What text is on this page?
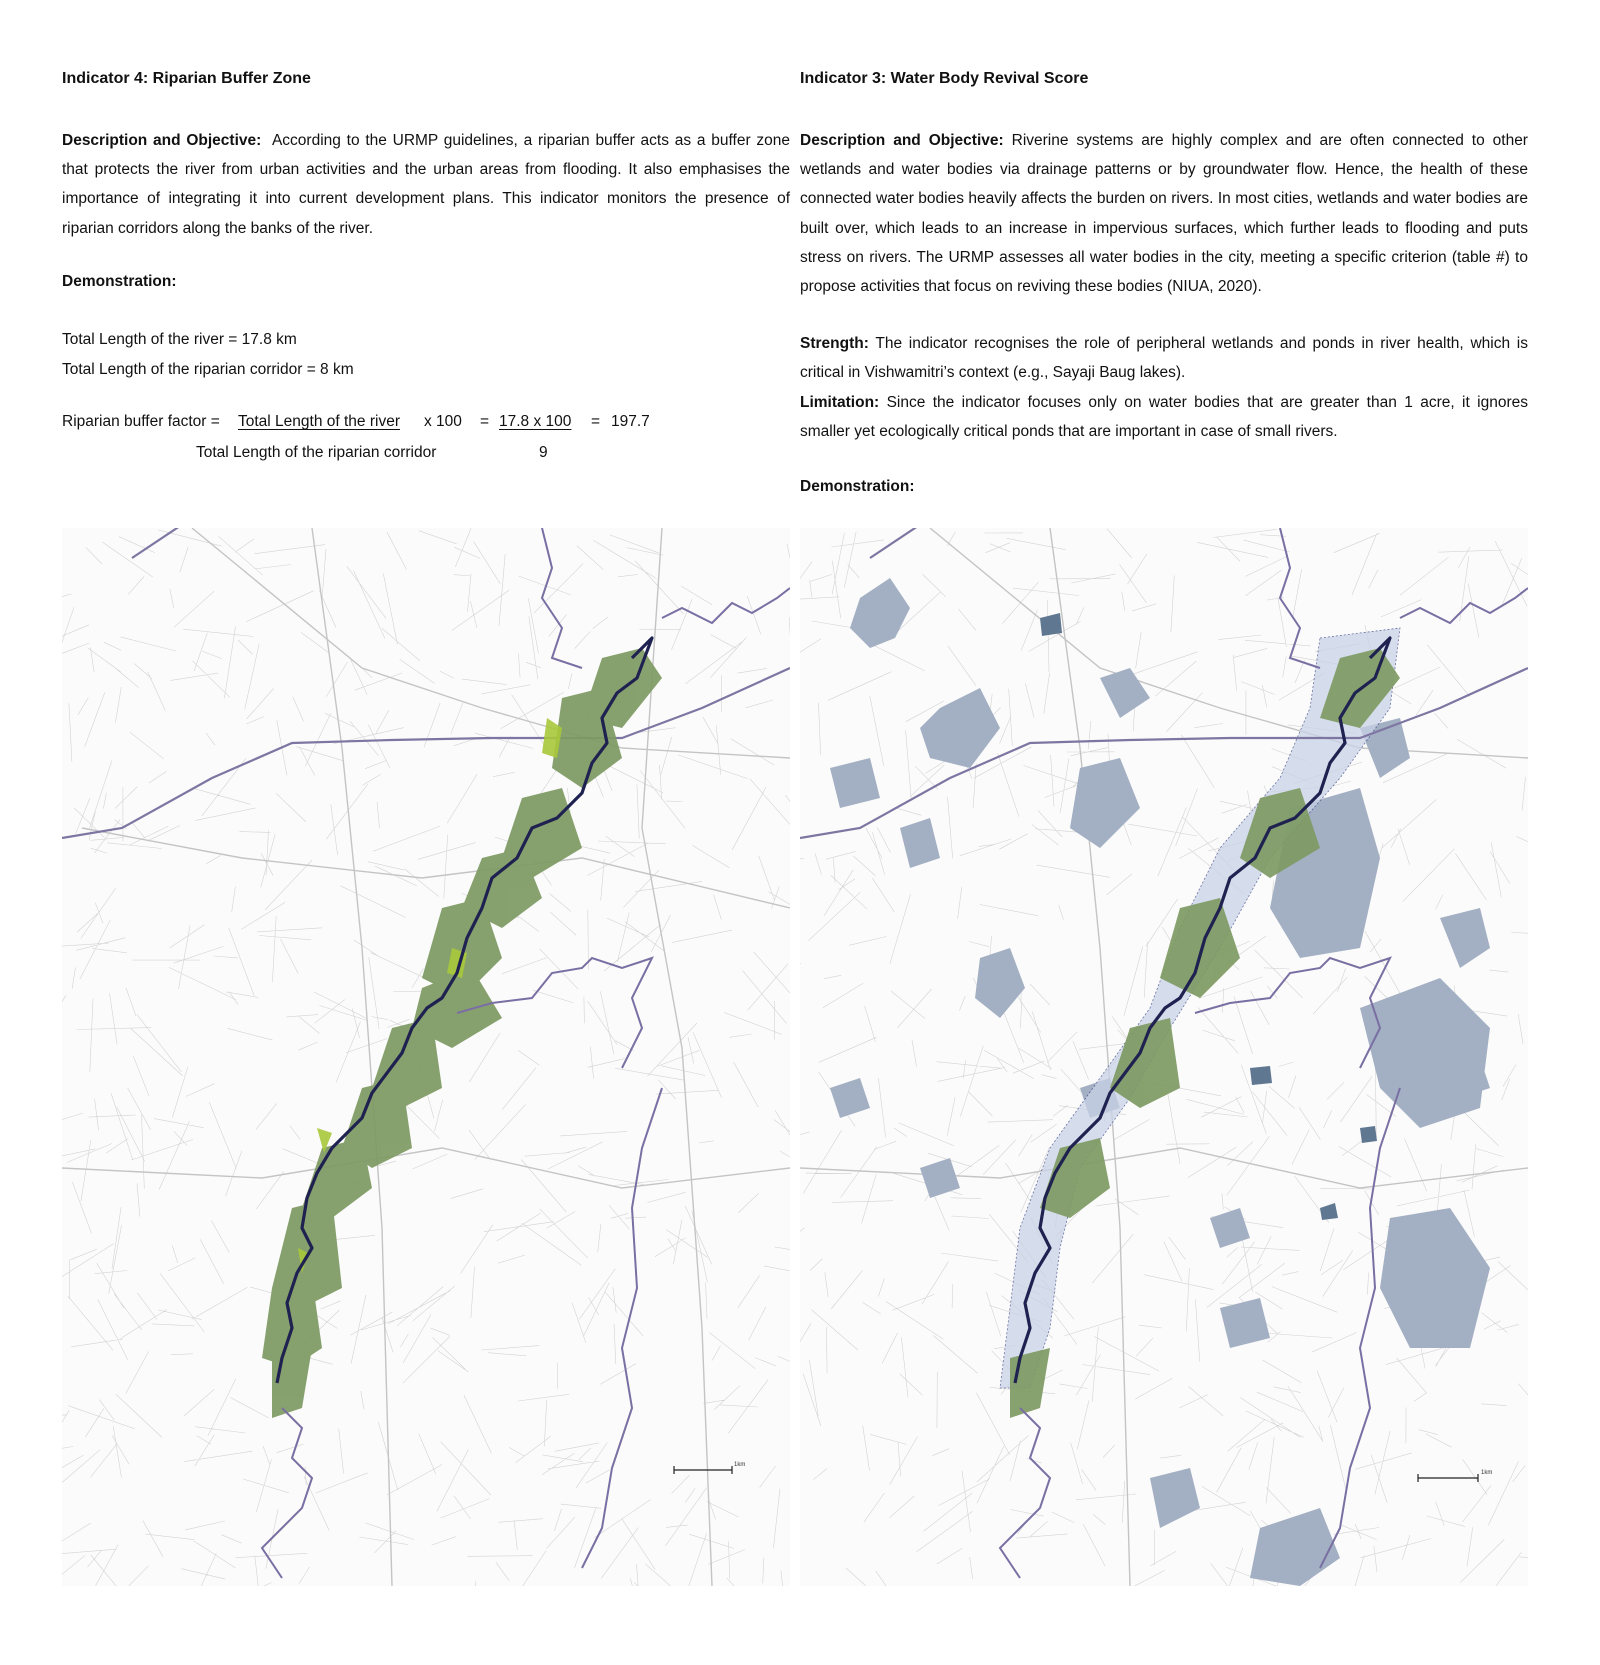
Indicator 4: Riparian Buffer Zone

Description and Objective: According to the URMP guidelines, a riparian buffer acts as a buffer zone that protects the river from urban activities and the urban areas from flooding. It also emphasises the importance of integrating it into current development plans. This indicator monitors the presence of riparian corridors along the banks of the river.

Demonstration:

Total Length of the river = 17.8 km

Total Length of the riparian corridor = 8 km

Riparian buffer factor = Total Length of the river x 100 = 17.8 x 100 = 197.7
Total Length of the riparian corridor	9

Indicator 3: Water Body Revival Score

Description and Objective: Riverine systems are highly complex and are often connected to other wetlands and water bodies via drainage patterns or by groundwater flow. Hence, the health of these connected water bodies heavily affects the burden on rivers. In most cities, wetlands and water bodies are built over, which leads to an increase in impervious surfaces, which further leads to flooding and puts stress on rivers. The URMP assesses all water bodies in the city, meeting a specific criterion (table #) to propose activities that focus on reviving these bodies (NIUA, 2020).

Strength: The indicator recognises the role of peripheral wetlands and ponds in river health, which is critical in Vishwamitri’s context (e.g., Sayaji Baug lakes).

Limitation: Since the indicator focuses only on water bodies that are greater than 1 acre, it ignores smaller yet ecologically critical ponds that are important in case of small rivers.

Demonstration:

1km
1km
